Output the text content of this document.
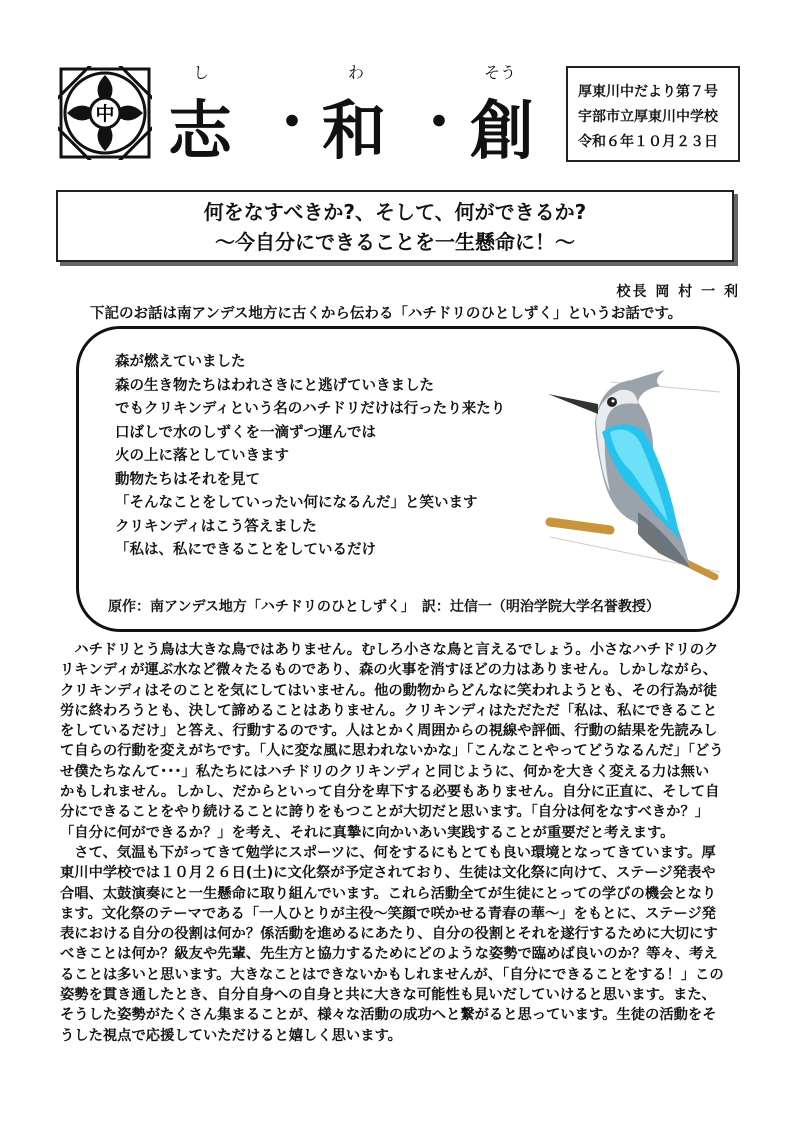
中
し	わ	そう
志 ・ 和 ・ 創
厚東川中だより第７号
宇部市立厚東川中学校
令和６年１０月２３日
何をなすべきか?、そして、何ができるか?
～今自分にできることを一生懸命に！～
校長 岡 村 一 利
下記のお話は南アンデス地方に古くから伝わる「ハチドリのひとしずく」というお話です。
森が燃えていました
森の生き物たちはわれさきにと逃げていきました
でもクリキンディという名のハチドリだけは行ったり来たり
口ばしで水のしずくを一滴ずつ運んでは
火の上に落としていきます
動物たちはそれを見て
「そんなことをしていったい何になるんだ」と笑います
クリキンディはこう答えました
「私は、私にできることをしているだけ
原作：南アンデス地方「ハチドリのひとしずく」　訳：辻信一（明治学院大学名誉教授）

　ハチドリとう鳥は大きな鳥ではありません。むしろ小さな鳥と言えるでしょう。小さなハチドリのク

リキンディが運ぶ水など微々たるものであり、森の火事を消すほどの力はありません。しかしながら、

クリキンディはそのことを気にしてはいません。他の動物からどんなに笑われようとも、その行為が徒

労に終わろうとも、決して諦めることはありません。クリキンディはただただ「私は、私にできること

をしているだけ」と答え、行動するのです。人はとかく周囲からの視線や評価、行動の結果を先読みし

て自らの行動を変えがちです。「人に変な風に思われないかな」「こんなことやってどうなるんだ」「どう

せ僕たちなんて･･･」私たちにはハチドリのクリキンディと同じように、何かを大きく変える力は無い

かもしれません。しかし、だからといって自分を卑下する必要もありません。自分に正直に、そして自

分にできることをやり続けることに誇りをもつことが大切だと思います。「自分は何をなすべきか？」

「自分に何ができるか？」を考え、それに真摯に向かいあい実践することが重要だと考えます。

　さて、気温も下がってきて勉学にスポーツに、何をするにもとても良い環境となってきています。厚

東川中学校では１０月２６日(土)に文化祭が予定されており、生徒は文化祭に向けて、ステージ発表や

合唱、太鼓演奏にと一生懸命に取り組んでいます。これら活動全てが生徒にとっての学びの機会となり

ます。文化祭のテーマである「一人ひとりが主役～笑顔で咲かせる青春の華～」をもとに、ステージ発

表における自分の役割は何か？係活動を進めるにあたり、自分の役割とそれを遂行するために大切にす

べきことは何か？級友や先輩、先生方と協力するためにどのような姿勢で臨めば良いのか？等々、考え

ることは多いと思います。大きなことはできないかもしれませんが、「自分にできることをする！」この

姿勢を貫き通したとき、自分自身への自身と共に大きな可能性も見いだしていけると思います。また、

そうした姿勢がたくさん集まることが、様々な活動の成功へと繋がると思っています。生徒の活動をそ

うした視点で応援していただけると嬉しく思います。
